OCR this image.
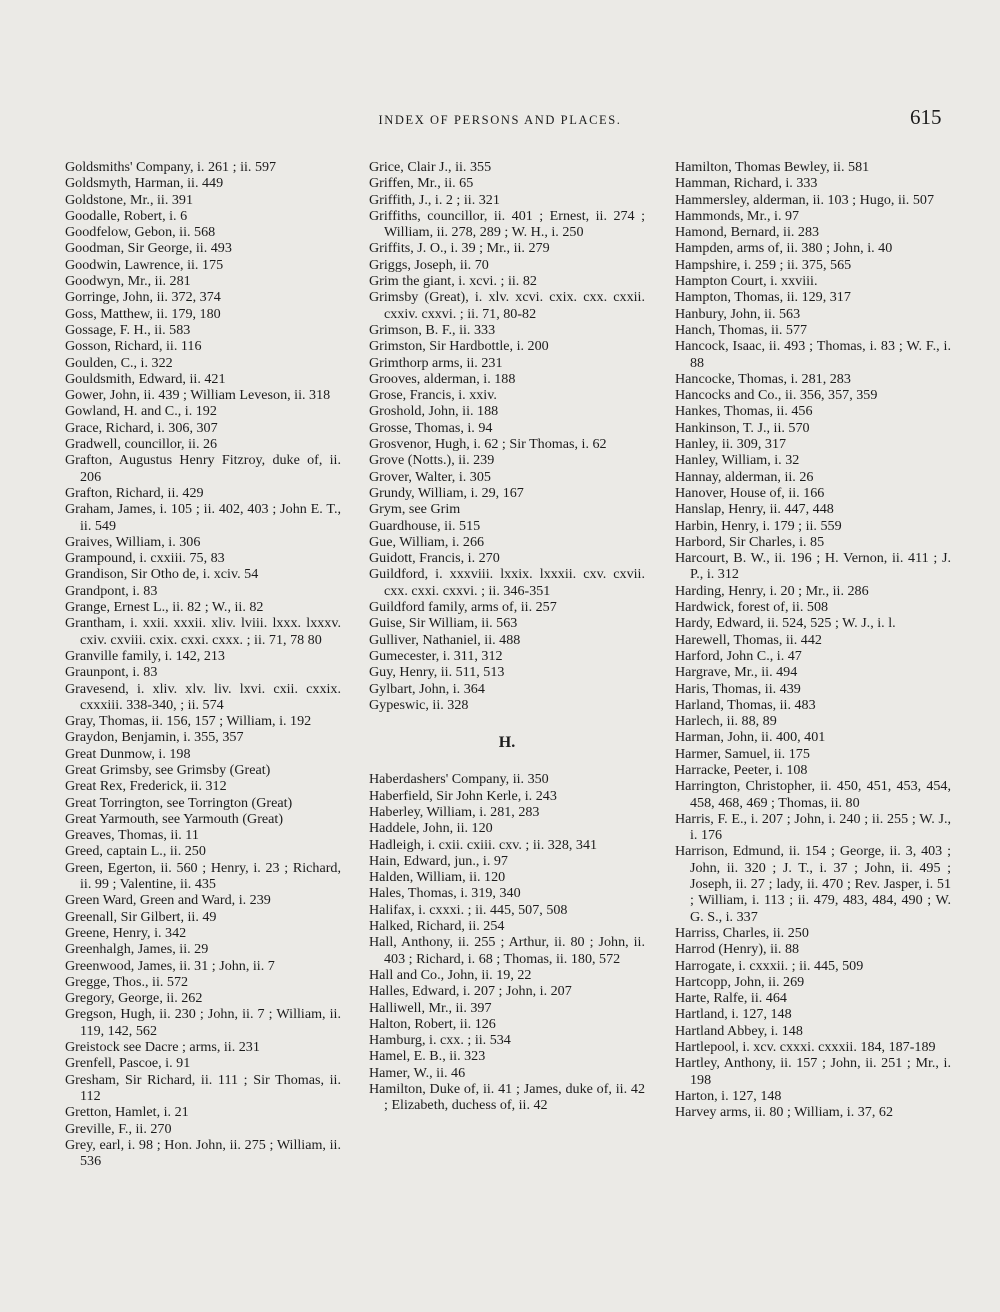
INDEX OF PERSONS AND PLACES.	615
Goldsmiths' Company, i. 261 ; ii. 597
Goldsmyth, Harman, ii. 449
Goldstone, Mr., ii. 391
Goodalle, Robert, i. 6
Goodfelow, Gebon, ii. 568
Goodman, Sir George, ii. 493
Goodwin, Lawrence, ii. 175
Goodwyn, Mr., ii. 281
Gorringe, John, ii. 372, 374
Goss, Matthew, ii. 179, 180
Gossage, F. H., ii. 583
Gosson, Richard, ii. 116
Goulden, C., i. 322
Gouldsmith, Edward, ii. 421
Gower, John, ii. 439 ; William Leveson, ii. 318
Gowland, H. and C., i. 192
Grace, Richard, i. 306, 307
Gradwell, councillor, ii. 26
Grafton, Augustus Henry Fitzroy, duke of, ii. 206
Grafton, Richard, ii. 429
Graham, James, i. 105 ; ii. 402, 403 ; John E. T., ii. 549
Graives, William, i. 306
Grampound, i. cxxiii. 75, 83
Grandison, Sir Otho de, i. xciv. 54
Grandpont, i. 83
Grange, Ernest L., ii. 82 ; W., ii. 82
Grantham, i. xxii. xxxii. xliv. lviii. lxxx. lxxxv. cxiv. cxviii. cxix. cxxi. cxxx. ; ii. 71, 78 80
Granville family, i. 142, 213
Graunpont, i. 83
Gravesend, i. xliv. xlv. liv. lxvi. cxii. cxxix. cxxxiii. 338-340, ; ii. 574
Gray, Thomas, ii. 156, 157 ; William, i. 192
Graydon, Benjamin, i. 355, 357
Great Dunmow, i. 198
Great Grimsby, see Grimsby (Great)
Great Rex, Frederick, ii. 312
Great Torrington, see Torrington (Great)
Great Yarmouth, see Yarmouth (Great)
Greaves, Thomas, ii. 11
Greed, captain L., ii. 250
Green, Egerton, ii. 560 ; Henry, i. 23 ; Richard, ii. 99 ; Valentine, ii. 435
Green Ward, Green and Ward, i. 239
Greenall, Sir Gilbert, ii. 49
Greene, Henry, i. 342
Greenhalgh, James, ii. 29
Greenwood, James, ii. 31 ; John, ii. 7
Gregge, Thos., ii. 572
Gregory, George, ii. 262
Gregson, Hugh, ii. 230 ; John, ii. 7 ; William, ii. 119, 142, 562
Greistock see Dacre ; arms, ii. 231
Grenfell, Pascoe, i. 91
Gresham, Sir Richard, ii. 111 ; Sir Thomas, ii. 112
Gretton, Hamlet, i. 21
Greville, F., ii. 270
Grey, earl, i. 98 ; Hon. John, ii. 275 ; William, ii. 536
Grice, Clair J., ii. 355
Griffen, Mr., ii. 65
Griffith, J., i. 2 ; ii. 321
Griffiths, councillor, ii. 401 ; Ernest, ii. 274 ; William, ii. 278, 289 ; W. H., i. 250
Griffits, J. O., i. 39 ; Mr., ii. 279
Griggs, Joseph, ii. 70
Grim the giant, i. xcvi. ; ii. 82
Grimsby (Great), i. xlv. xcvi. cxix. cxx. cxxii. cxxiv. cxxvi. ; ii. 71, 80-82
Grimson, B. F., ii. 333
Grimston, Sir Hardbottle, i. 200
Grimthorp arms, ii. 231
Grooves, alderman, i. 188
Grose, Francis, i. xxiv.
Groshold, John, ii. 188
Grosse, Thomas, i. 94
Grosvenor, Hugh, i. 62 ; Sir Thomas, i. 62
Grove (Notts.), ii. 239
Grover, Walter, i. 305
Grundy, William, i. 29, 167
Grym, see Grim
Guardhouse, ii. 515
Gue, William, i. 266
Guidott, Francis, i. 270
Guildford, i. xxxviii. lxxix. lxxxii. cxv. cxvii. cxx. cxxi. cxxvi. ; ii. 346-351
Guildford family, arms of, ii. 257
Guise, Sir William, ii. 563
Gulliver, Nathaniel, ii. 488
Gumecester, i. 311, 312
Guy, Henry, ii. 511, 513
Gylbart, John, i. 364
Gypeswic, ii. 328
H.
Haberdashers' Company, ii. 350
Haberfield, Sir John Kerle, i. 243
Haberley, William, i. 281, 283
Haddele, John, ii. 120
Hadleigh, i. cxii. cxiii. cxv. ; ii. 328, 341
Hain, Edward, jun., i. 97
Halden, William, ii. 120
Hales, Thomas, i. 319, 340
Halifax, i. cxxxi. ; ii. 445, 507, 508
Halked, Richard, ii. 254
Hall, Anthony, ii. 255 ; Arthur, ii. 80 ; John, ii. 403 ; Richard, i. 68 ; Thomas, ii. 180, 572
Hall and Co., John, ii. 19, 22
Halles, Edward, i. 207 ; John, i. 207
Halliwell, Mr., ii. 397
Halton, Robert, ii. 126
Hamburg, i. cxx. ; ii. 534
Hamel, E. B., ii. 323
Hamer, W., ii. 46
Hamilton, Duke of, ii. 41 ; James, duke of, ii. 42 ; Elizabeth, duchess of, ii. 42
Hamilton, Thomas Bewley, ii. 581
Hamman, Richard, i. 333
Hammersley, alderman, ii. 103 ; Hugo, ii. 507
Hammonds, Mr., i. 97
Hamond, Bernard, ii. 283
Hampden, arms of, ii. 380 ; John, i. 40
Hampshire, i. 259 ; ii. 375, 565
Hampton Court, i. xxviii.
Hampton, Thomas, ii. 129, 317
Hanbury, John, ii. 563
Hanch, Thomas, ii. 577
Hancock, Isaac, ii. 493 ; Thomas, i. 83 ; W. F., i. 88
Hancocke, Thomas, i. 281, 283
Hancocks and Co., ii. 356, 357, 359
Hankes, Thomas, ii. 456
Hankinson, T. J., ii. 570
Hanley, ii. 309, 317
Hanley, William, i. 32
Hannay, alderman, ii. 26
Hanover, House of, ii. 166
Hanslap, Henry, ii. 447, 448
Harbin, Henry, i. 179 ; ii. 559
Harbord, Sir Charles, i. 85
Harcourt, B. W., ii. 196 ; H. Vernon, ii. 411 ; J. P., i. 312
Harding, Henry, i. 20 ; Mr., ii. 286
Hardwick, forest of, ii. 508
Hardy, Edward, ii. 524, 525 ; W. J., i. l.
Harewell, Thomas, ii. 442
Harford, John C., i. 47
Hargrave, Mr., ii. 494
Haris, Thomas, ii. 439
Harland, Thomas, ii. 483
Harlech, ii. 88, 89
Harman, John, ii. 400, 401
Harmer, Samuel, ii. 175
Harracke, Peeter, i. 108
Harrington, Christopher, ii. 450, 451, 453, 454, 458, 468, 469 ; Thomas, ii. 80
Harris, F. E., i. 207 ; John, i. 240 ; ii. 255 ; W. J., i. 176
Harrison, Edmund, ii. 154 ; George, ii. 3, 403 ; John, ii. 320 ; J. T., i. 37 ; John, ii. 495 ; Joseph, ii. 27 ; lady, ii. 470 ; Rev. Jasper, i. 51 ; William, i. 113 ; ii. 479, 483, 484, 490 ; W. G. S., i. 337
Harriss, Charles, ii. 250
Harrod (Henry), ii. 88
Harrogate, i. cxxxii. ; ii. 445, 509
Hartcopp, John, ii. 269
Harte, Ralfe, ii. 464
Hartland, i. 127, 148
Hartland Abbey, i. 148
Hartlepool, i. xcv. cxxxi. cxxxii. 184, 187-189
Hartley, Anthony, ii. 157 ; John, ii. 251 ; Mr., i. 198
Harton, i. 127, 148
Harvey arms, ii. 80 ; William, i. 37, 62
